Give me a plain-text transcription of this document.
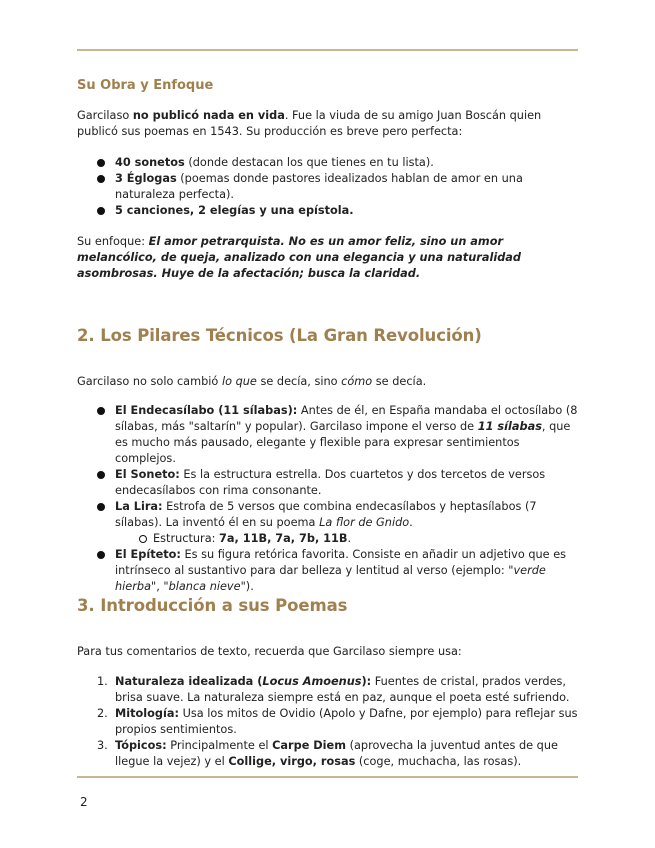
Su Obra y Enfoque

Garcilaso no publicó nada en vida. Fue la viuda de su amigo Juan Boscán quien publicó sus poemas en 1543. Su producción es breve pero perfecta:

40 sonetos (donde destacan los que tienes en tu lista).
3 Églogas (poemas donde pastores idealizados hablan de amor en una naturaleza perfecta).
5 canciones, 2 elegías y una epístola.

Su enfoque: El amor petrarquista. No es un amor feliz, sino un amor melancólico, de queja, analizado con una elegancia y una naturalidad asombrosas. Huye de la afectación; busca la claridad.

2. Los Pilares Técnicos (La Gran Revolución)

Garcilaso no solo cambió lo que se decía, sino cómo se decía.

El Endecasílabo (11 sílabas): Antes de él, en España mandaba el octosílabo (8 sílabas, más "saltarín" y popular). Garcilaso impone el verso de 11 sílabas, que es mucho más pausado, elegante y flexible para expresar sentimientos complejos.
El Soneto: Es la estructura estrella. Dos cuartetos y dos tercetos de versos endecasílabos con rima consonante.
La Lira: Estrofa de 5 versos que combina endecasílabos y heptasílabos (7 sílabas). La inventó él en su poema La flor de Gnido.
Estructura: 7a, 11B, 7a, 7b, 11B.
El Epíteto: Es su figura retórica favorita. Consiste en añadir un adjetivo que es intrínseco al sustantivo para dar belleza y lentitud al verso (ejemplo: "verde hierba", "blanca nieve").
3. Introducción a sus Poemas

Para tus comentarios de texto, recuerda que Garcilaso siempre usa:

1. Naturaleza idealizada (Locus Amoenus): Fuentes de cristal, prados verdes, brisa suave. La naturaleza siempre está en paz, aunque el poeta esté sufriendo.
2. Mitología: Usa los mitos de Ovidio (Apolo y Dafne, por ejemplo) para reflejar sus propios sentimientos.
3. Tópicos: Principalmente el Carpe Diem (aprovecha la juventud antes de que llegue la vejez) y el Collige, virgo, rosas (coge, muchacha, las rosas).
2
